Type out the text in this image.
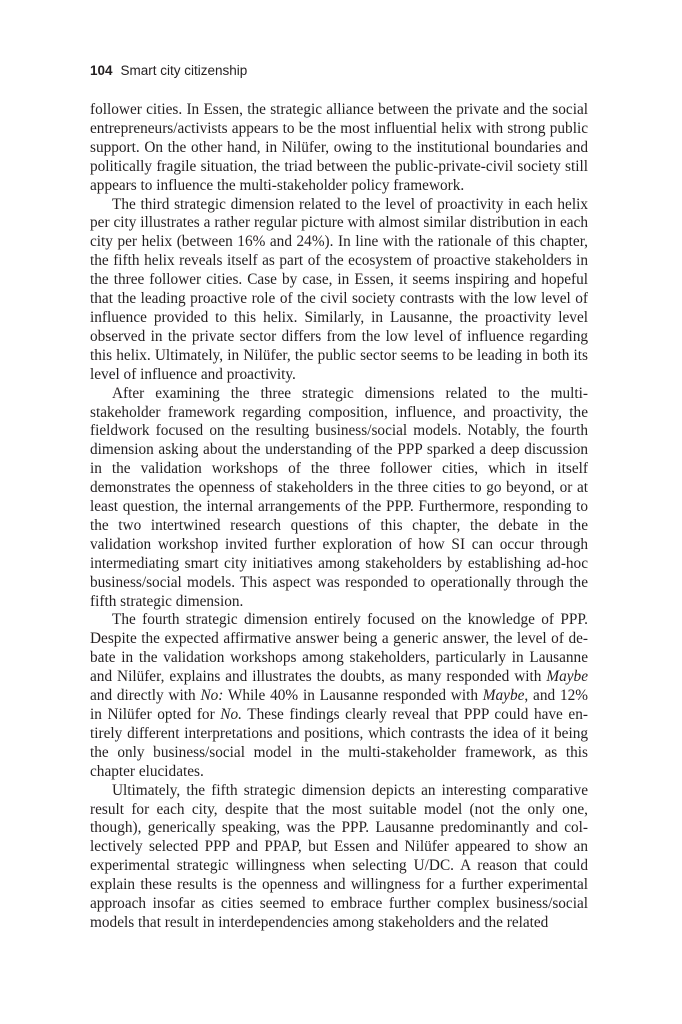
104 Smart city citizenship

follower cities. In Essen, the strategic alliance between the private and the social entrepreneurs/activists appears to be the most influential helix with strong public support. On the other hand, in Nilüfer, owing to the institutional boundaries and politically fragile situation, the triad between the public-private-civil society still appears to influence the multi-stakeholder policy framework.

The third strategic dimension related to the level of proactivity in each helix per city illustrates a rather regular picture with almost similar distribution in each city per helix (between 16% and 24%). In line with the rationale of this chapter, the fifth helix reveals itself as part of the ecosystem of proactive stakeholders in the three follower cities. Case by case, in Essen, it seems inspiring and hopeful that the leading proactive role of the civil society contrasts with the low level of influence provided to this helix. Similarly, in Lausanne, the proactivity level observed in the private sector differs from the low level of influence regarding this helix. Ultimately, in Nilüfer, the public sector seems to be leading in both its level of influence and proactivity.

After examining the three strategic dimensions related to the multi-stakeholder framework regarding composition, influence, and proactivity, the fieldwork focused on the resulting business/social models. Notably, the fourth dimension asking about the understanding of the PPP sparked a deep discussion in the validation workshops of the three follower cities, which in itself demonstrates the openness of stakeholders in the three cities to go beyond, or at least question, the internal arrangements of the PPP. Furthermore, responding to the two intertwined research questions of this chapter, the debate in the validation workshop invited further exploration of how SI can occur through intermediating smart city initiatives among stakeholders by establishing ad-hoc business/social models. This aspect was responded to operationally through the fifth strategic dimension.

The fourth strategic dimension entirely focused on the knowledge of PPP. Despite the expected affirmative answer being a generic answer, the level of debate in the validation workshops among stakeholders, particularly in Lausanne and Nilüfer, explains and illustrates the doubts, as many responded with Maybe and directly with No: While 40% in Lausanne responded with Maybe, and 12% in Nilüfer opted for No. These findings clearly reveal that PPP could have entirely different interpretations and positions, which contrasts the idea of it being the only business/social model in the multi-stakeholder framework, as this chapter elucidates.

Ultimately, the fifth strategic dimension depicts an interesting comparative result for each city, despite that the most suitable model (not the only one, though), generically speaking, was the PPP. Lausanne predominantly and collectively selected PPP and PPAP, but Essen and Nilüfer appeared to show an experimental strategic willingness when selecting U/DC. A reason that could explain these results is the openness and willingness for a further experimental approach insofar as cities seemed to embrace further complex business/social models that result in interdependencies among stakeholders and the related
